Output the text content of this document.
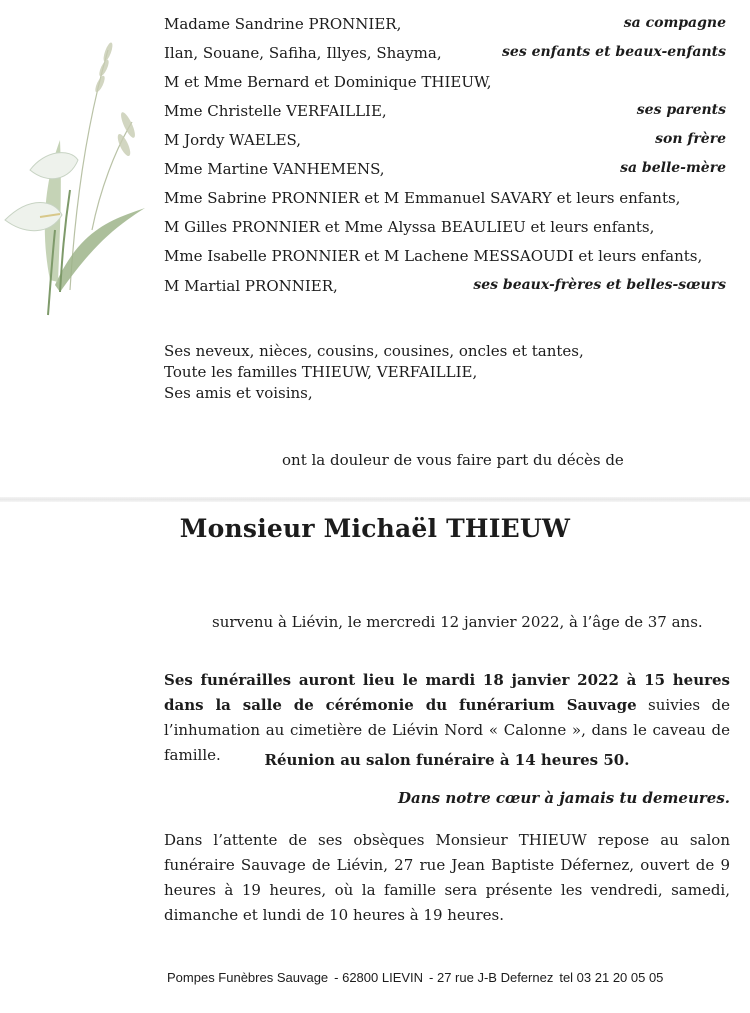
Madame Sandrine PRONNIER,	sa compagne
Ilan, Souane, Safiha, Illyes, Shayma,	ses enfants et beaux-enfants
M et Mme Bernard et Dominique THIEUW,
Mme Christelle VERFAILLIE,	ses parents
M Jordy WAELES,	son frère
Mme Martine VANHEMENS,	sa belle-mère
Mme Sabrine PRONNIER et M Emmanuel SAVARY et leurs enfants,
M Gilles PRONNIER et Mme Alyssa BEAULIEU et leurs enfants,
Mme Isabelle PRONNIER et M Lachene MESSAOUDI et leurs enfants,
M Martial PRONNIER,	ses beaux-frères et belles-sœurs
Ses neveux, nièces, cousins, cousines, oncles et tantes,
Toute les familles THIEUW, VERFAILLIE,
Ses amis et voisins,
ont la douleur de vous faire part du décès de
Monsieur Michaël THIEUW
survenu à Liévin, le mercredi 12 janvier 2022, à l’âge de 37 ans.
Ses funérailles auront lieu le mardi 18 janvier 2022 à 15 heures dans la salle de cérémonie du funérarium Sauvage suivies de l’inhumation au cimetière de Liévin Nord « Calonne », dans le caveau de famille.	Réunion au salon funéraire à 14 heures 50.
Dans notre cœur à jamais tu demeures.
Dans l’attente de ses obsèques Monsieur THIEUW repose au salon funéraire Sauvage de Liévin, 27 rue Jean Baptiste Défernez, ouvert de 9 heures à 19 heures, où la famille sera présente les vendredi, samedi, dimanche et lundi de 10 heures à 19 heures.
Pompes Funèbres Sauvage - 62800 LIEVIN - 27 rue J-B Defernez tel 03 21 20 05 05
